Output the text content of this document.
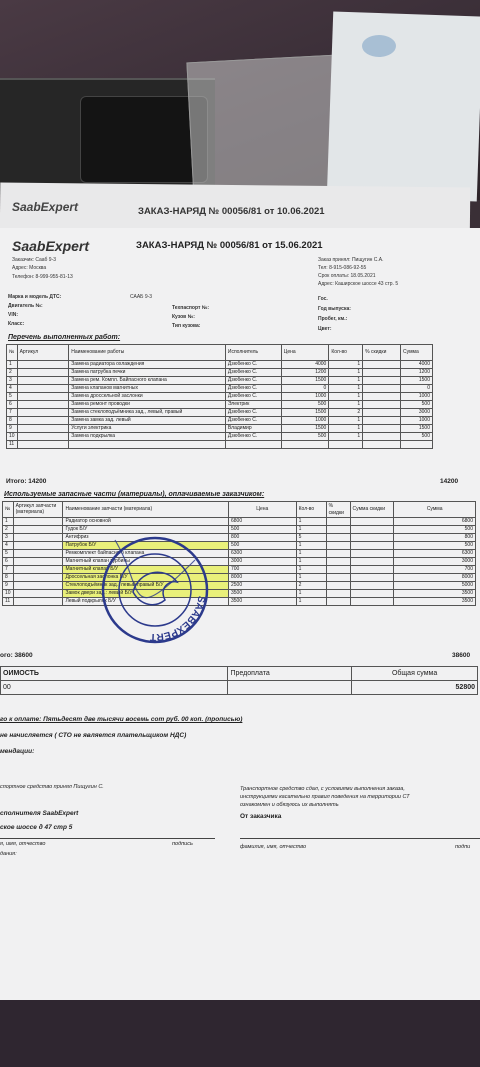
SaabExpert	ЗАКАЗ-НАРЯД № 00056/81 от 10.06.2021
SaabExpert	ЗАКАЗ-НАРЯД № 00056/81 от 15.06.2021
Заказчик: Сааб 9-3
Адрес: Москва
Телефон: 8-999-955-81-13
Заказ принял: Пищугин С.А.
Тел: 8-915-086-92-55
Срок оплаты: 18.05.2021
Адрес: Каширское шоссе 43 стр. 5
Марка и модель ДТС:	СААБ 9-3
Двигатель №:
VIN:
Класс:
Техпаспорт №:
Кузов №:
Тип кузова:
Гос.
Год выпуска:
Пробег, км.:
Цвет:
Перечень выполненных работ:
№	Артикул	Наименование работы	Исполнитель	Цена	Кол-во	% скидки	Сумма
1		Замена радиатора охлаждения	Дзюбенко С.	4000	1		4000
2		Замена патрубка печки	Дзюбенко С.	1200	1		1200
3		Замена рем. Компл. Байпасного клапана	Дзюбенко С.	1500	1		1500
4		Замена клапанов магнитных	Дзюбенко С.	0	1		0
5		Замена дроссельной заслонки	Дзюбенко С.	1000	1		1000
6		Замена ремонт проводки	Электрик	500	1		500
7		Замена стеклоподъёмника зад., левый, правый	Дзюбенко С.	1500	2		3000
8		Замена замка зад. левый	Дзюбенко С.	1000	1		1000
9		Услуги электрика	Владимир	1500	1		1500
10		Замена подкрылка	Дзюбенко С.	500	1		500
11							
Итого: 14200	14200
Используемые запасные части (материалы), оплачиваемые заказчиком:
№	Артикул запчасти (материала)	Наименование запчасти (материала)	Цена	Кол-во	% скидки	Сумма скидки	Сумма
1		Радиатор основной	6800	1			6800
2		Гудок Б/У	500	1			500
3		Антифриз	800	5			800
4		Патрубок Б/У	500	1			500
5		Ремкомплект байпасного клапана	6300	1			6300
6		Магнитный клапан турбины	3000	1			3000
7		Магнитный клапан Б/У	700	1			700
8		Дроссельная заслонка Б/У	8000	1			8000
9		Стеклоподъёмник зад., левый правый Б/У	2500	2			5000
10		Замок двери зад.: левый Б/У	3500	1			3500
11		Левый подкрылок Б/У	3500	1			3500
ого: 38600	38600
ОИМОСТЬ	Предоплата	Общая сумма
00		52800
го к оплате: Пятьдесят две тысячи восемь сот руб. 00 коп. (прописью)
не начисляется ( СТО не является плательщиком НДС)
мендации:
спортное средство принял Пищугин С.	Транспортное средство сдал, с условиями выполнения заказа,
инструкциями касательно правил поведения на территории СТ
ознакомлен и обязуюсь их выполнять
сполнителя SaabExpert
ское шоссе д 47 стр 5
От заказчика
я, имя, отчество	подпись	фамилия, имя, отчество	подпи
дания:
SAABEXPERT
